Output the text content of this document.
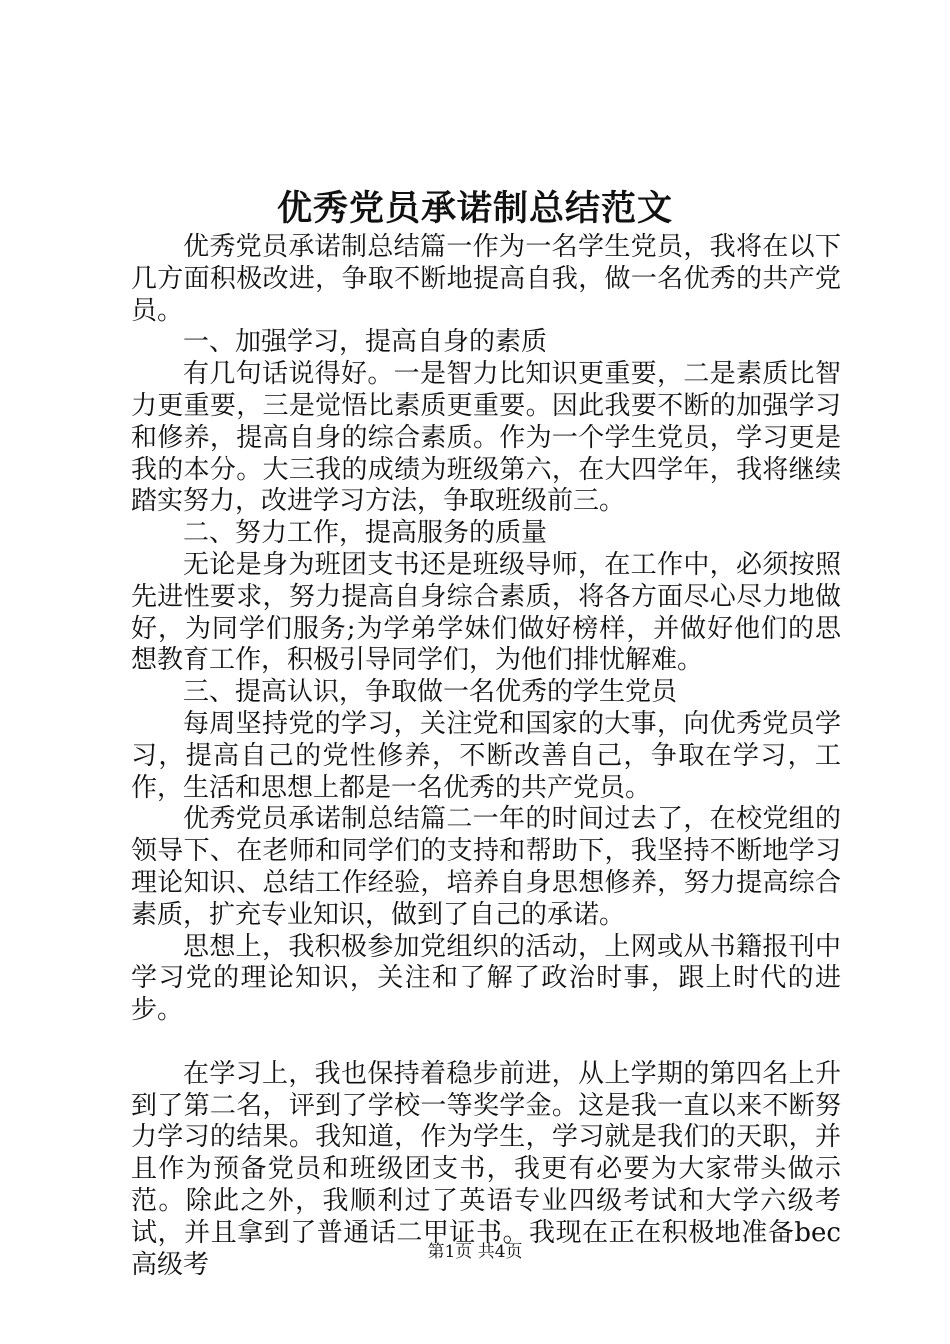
优秀党员承诺制总结范文

优秀党员承诺制总结篇一作为一名学生党员，我将在以下几方面积极改进，争取不断地提高自我，做一名优秀的共产党员。

一、加强学习，提高自身的素质

有几句话说得好。一是智力比知识更重要，二是素质比智力更重要，三是觉悟比素质更重要。因此我要不断的加强学习和修养，提高自身的综合素质。作为一个学生党员，学习更是我的本分。大三我的成绩为班级第六，在大四学年，我将继续踏实努力，改进学习方法，争取班级前三。

二、努力工作，提高服务的质量

无论是身为班团支书还是班级导师，在工作中，必须按照先进性要求，努力提高自身综合素质，将各方面尽心尽力地做好，为同学们服务;为学弟学妹们做好榜样，并做好他们的思想教育工作，积极引导同学们，为他们排忧解难。

三、提高认识，争取做一名优秀的学生党员

每周坚持党的学习，关注党和国家的大事，向优秀党员学习，提高自己的党性修养，不断改善自己，争取在学习，工作，生活和思想上都是一名优秀的共产党员。

优秀党员承诺制总结篇二一年的时间过去了，在校党组的领导下、在老师和同学们的支持和帮助下，我坚持不断地学习理论知识、总结工作经验，培养自身思想修养，努力提高综合素质，扩充专业知识，做到了自己的承诺。

思想上，我积极参加党组织的活动，上网或从书籍报刊中学习党的理论知识，关注和了解了政治时事，跟上时代的进步。

在学习上，我也保持着稳步前进，从上学期的第四名上升到了第二名，评到了学校一等奖学金。这是我一直以来不断努力学习的结果。我知道，作为学生，学习就是我们的天职，并且作为预备党员和班级团支书，我更有必要为大家带头做示范。除此之外，我顺利过了英语专业四级考试和大学六级考试，并且拿到了普通话二甲证书。我现在正在积极地准备bec高级考	第1页 共4页
